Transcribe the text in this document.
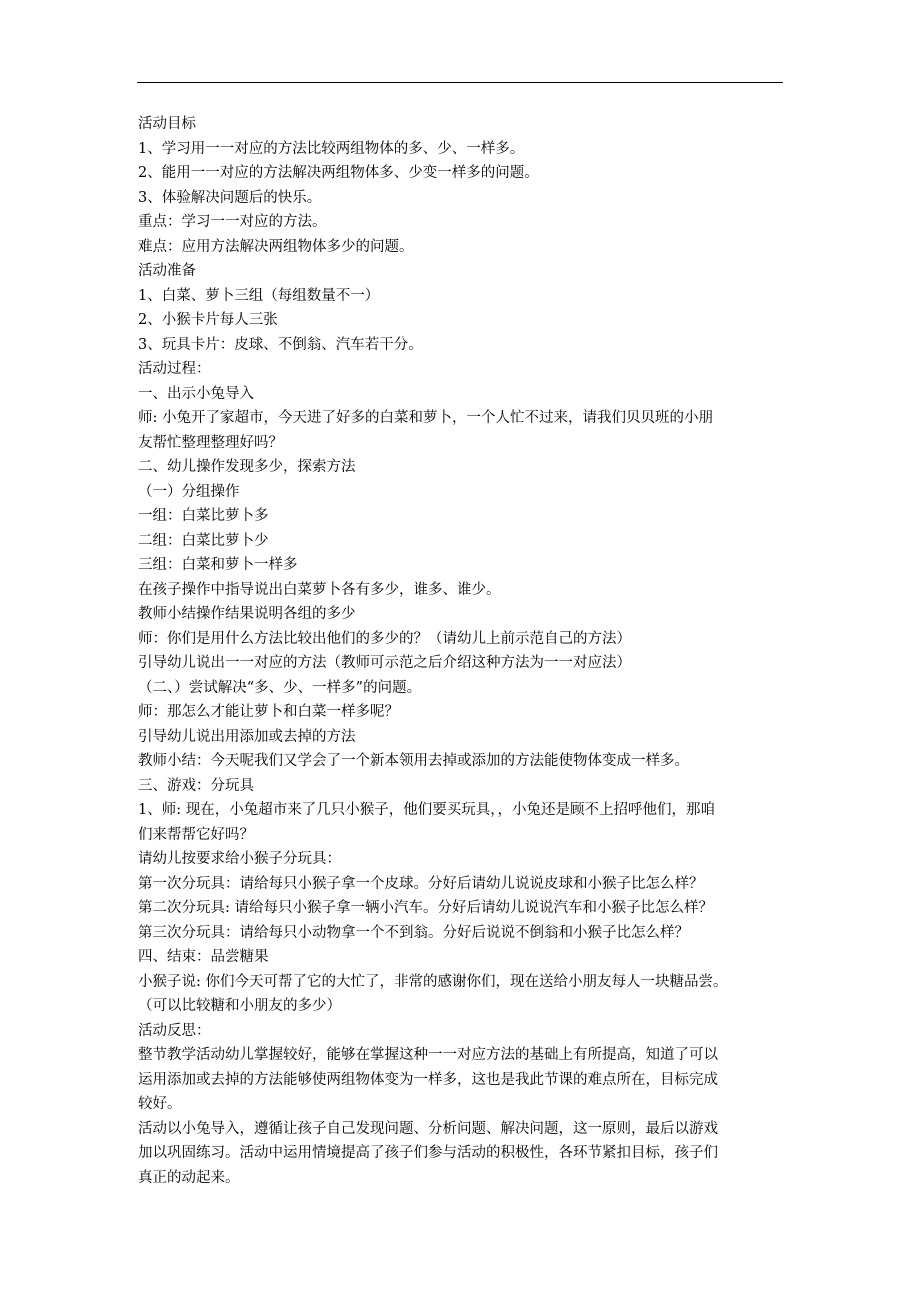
活动目标
1、学习用一一对应的方法比较两组物体的多、少、一样多。
2、能用一一对应的方法解决两组物体多、少变一样多的问题。
3、体验解决问题后的快乐。
重点：学习一一对应的方法。
难点：应用方法解决两组物体多少的问题。
活动准备
1、白菜、萝卜三组（每组数量不一）
2、小猴卡片每人三张
3、玩具卡片：皮球、不倒翁、汽车若干分。
活动过程：
一、出示小兔导入
师: 小兔开了家超市，今天进了好多的白菜和萝卜，一个人忙不过来，请我们贝贝班的小朋
友帮忙整理整理好吗？
二、幼儿操作发现多少，探索方法
（一）分组操作
一组：白菜比萝卜多
二组：白菜比萝卜少
三组：白菜和萝卜一样多
在孩子操作中指导说出白菜萝卜各有多少，谁多、谁少。
教师小结操作结果说明各组的多少
师：你们是用什么方法比较出他们的多少的？（请幼儿上前示范自己的方法）
引导幼儿说出一一对应的方法（教师可示范之后介绍这种方法为一一对应法）
（二、）尝试解决“多、少、一样多”的问题。
师：那怎么才能让萝卜和白菜一样多呢？
引导幼儿说出用添加或去掉的方法
教师小结：今天呢我们又学会了一个新本领用去掉或添加的方法能使物体变成一样多。
三、游戏：分玩具
1、师: 现在，小兔超市来了几只小猴子，他们要买玩具，，小兔还是顾不上招呼他们，那咱
们来帮帮它好吗？
请幼儿按要求给小猴子分玩具：
第一次分玩具：请给每只小猴子拿一个皮球。分好后请幼儿说说皮球和小猴子比怎么样？
第二次分玩具: 请给每只小猴子拿一辆小汽车。分好后请幼儿说说汽车和小猴子比怎么样？
第三次分玩具：请给每只小动物拿一个不到翁。分好后说说不倒翁和小猴子比怎么样？
四、结束：品尝糖果
小猴子说: 你们今天可帮了它的大忙了，非常的感谢你们，现在送给小朋友每人一块糖品尝。
（可以比较糖和小朋友的多少）
活动反思：
整节教学活动幼儿掌握较好，能够在掌握这种一一对应方法的基础上有所提高，知道了可以
运用添加或去掉的方法能够使两组物体变为一样多，这也是我此节课的难点所在，目标完成
较好。
活动以小兔导入，遵循让孩子自己发现问题、分析问题、解决问题，这一原则，最后以游戏
加以巩固练习。活动中运用情境提高了孩子们参与活动的积极性，各环节紧扣目标，孩子们
真正的动起来。
